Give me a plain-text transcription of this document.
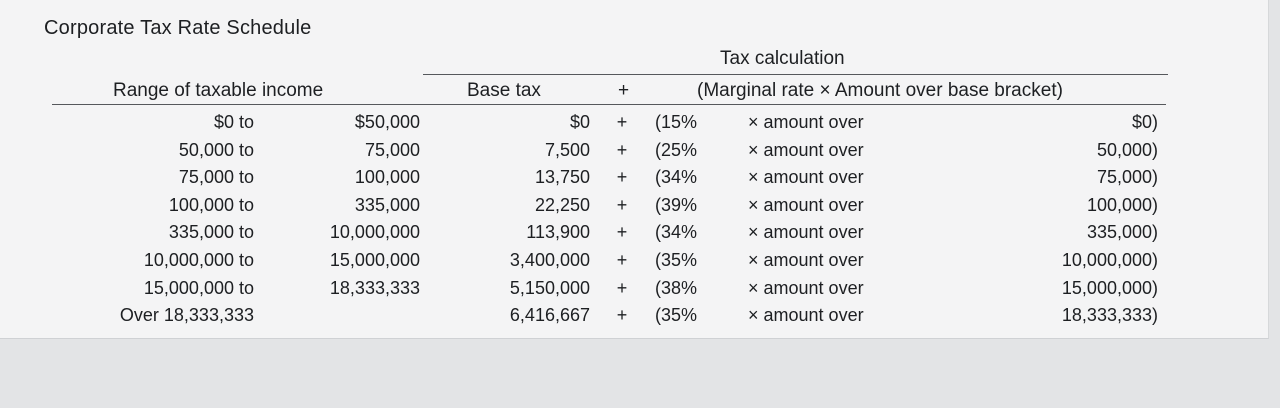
Corporate Tax Rate Schedule
Tax calculation
Range of taxable income	Base tax	+	(Marginal rate × Amount over base bracket)
$0 to	$50,000	$0 + (15%	× amount over	$0)
50,000 to	75,000	7,500 + (25%	× amount over	50,000)
75,000 to	100,000	13,750 + (34%	× amount over	75,000)
100,000 to	335,000	22,250 + (39%	× amount over	100,000)
335,000 to	10,000,000	113,900 + (34%	× amount over	335,000)
10,000,000 to	15,000,000	3,400,000 + (35%	× amount over	10,000,000)
15,000,000 to	18,333,333	5,150,000 + (38%	× amount over	15,000,000)
Over 18,333,333	6,416,667 + (35%	× amount over	18,333,333)
